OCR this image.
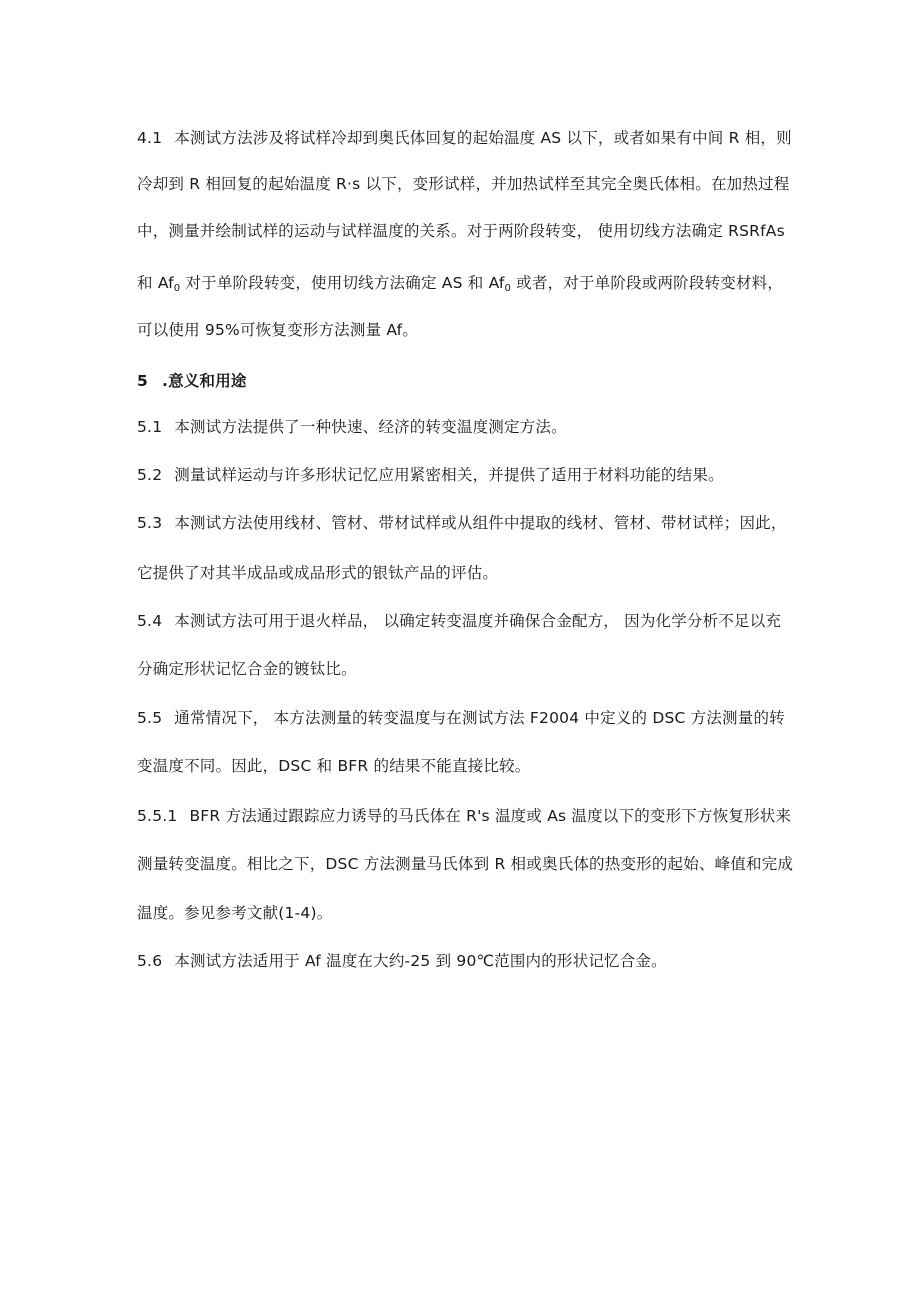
4.1 本测试方法涉及将试样冷却到奥氏体回复的起始温度 AS 以下，或者如果有中间 R 相，则
冷却到 R 相回复的起始温度 R·s 以下，变形试样，并加热试样至其完全奥氏体相。在加热过程
中，测量并绘制试样的运动与试样温度的关系。对于两阶段转变， 使用切线方法确定 RSRfAs
和 $Af_0$ 对于单阶段转变，使用切线方法确定 AS 和 $Af_0$ 或者，对于单阶段或两阶段转变材料，
可以使用 95%可恢复变形方法测量 Af。
5 .意义和用途
5.1 本测试方法提供了一种快速、经济的转变温度测定方法。
5.2 测量试样运动与许多形状记忆应用紧密相关，并提供了适用于材料功能的结果。
5.3 本测试方法使用线材、管材、带材试样或从组件中提取的线材、管材、带材试样；因此，
它提供了对其半成品或成品形式的银钛产品的评估。
5.4 本测试方法可用于退火样品， 以确定转变温度并确保合金配方， 因为化学分析不足以充
分确定形状记忆合金的镀钛比。
5.5 通常情况下， 本方法测量的转变温度与在测试方法 F2004 中定义的 DSC 方法测量的转
变温度不同。因此，DSC 和 BFR 的结果不能直接比较。
5.5.1 BFR 方法通过跟踪应力诱导的马氏体在 R's 温度或 As 温度以下的变形下方恢复形状来
测量转变温度。相比之下，DSC 方法测量马氏体到 R 相或奥氏体的热变形的起始、峰值和完成
温度。参见参考文献(1-4)。
5.6 本测试方法适用于 Af 温度在大约-25 到 90℃范围内的形状记忆合金。
